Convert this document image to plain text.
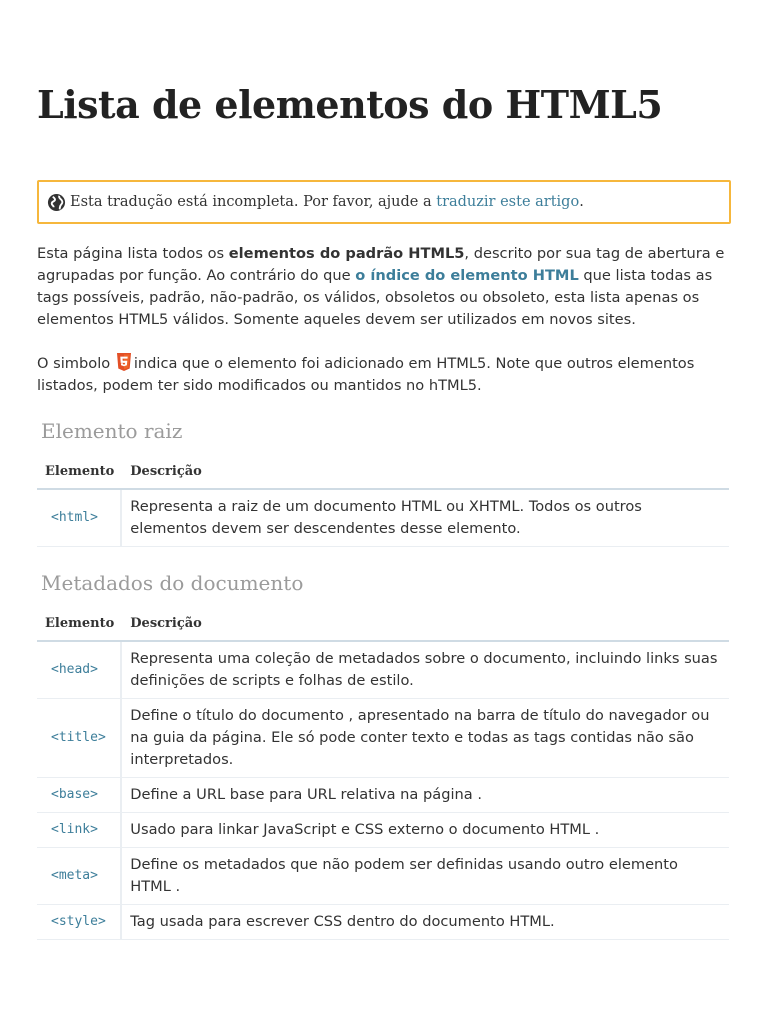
Lista de elementos do HTML5
Esta tradução está incompleta. Por favor, ajude a
traduzir este artigo .

Esta página lista todos os elementos do padrão HTML5, descrito por sua tag de abertura e agrupadas por função. Ao contrário do que o índice do elemento HTML que lista todas as tags possíveis, padrão, não-padrão, os válidos, obsoletos ou obsoleto, esta lista apenas os elementos HTML5 válidos. Somente aqueles devem ser utilizados em novos sites.

O simbolo indica que o elemento foi adicionado em HTML5. Note que outros elementos listados, podem ter sido modificados ou mantidos no hTML5.

Elemento raiz
Elemento	Descrição
<html>	Representa a raiz de um documento HTML ou XHTML. Todos os outros elementos devem ser descendentes desse elemento.
Metadados do documento
Elemento	Descrição
<head>	Representa uma coleção de metadados sobre o documento, incluindo links suas definições de scripts e folhas de estilo.
<title>	Define o título do documento , apresentado na barra de título do navegador ou na guia da página. Ele só pode conter texto e todas as tags contidas não são interpretados.
<base>	Define a URL base para URL relativa na página .
<link>	Usado para linkar JavaScript e CSS externo o documento HTML .
<meta>	Define os metadados que não podem ser definidas usando outro elemento HTML .
<style>	Tag usada para escrever CSS dentro do documento HTML.
